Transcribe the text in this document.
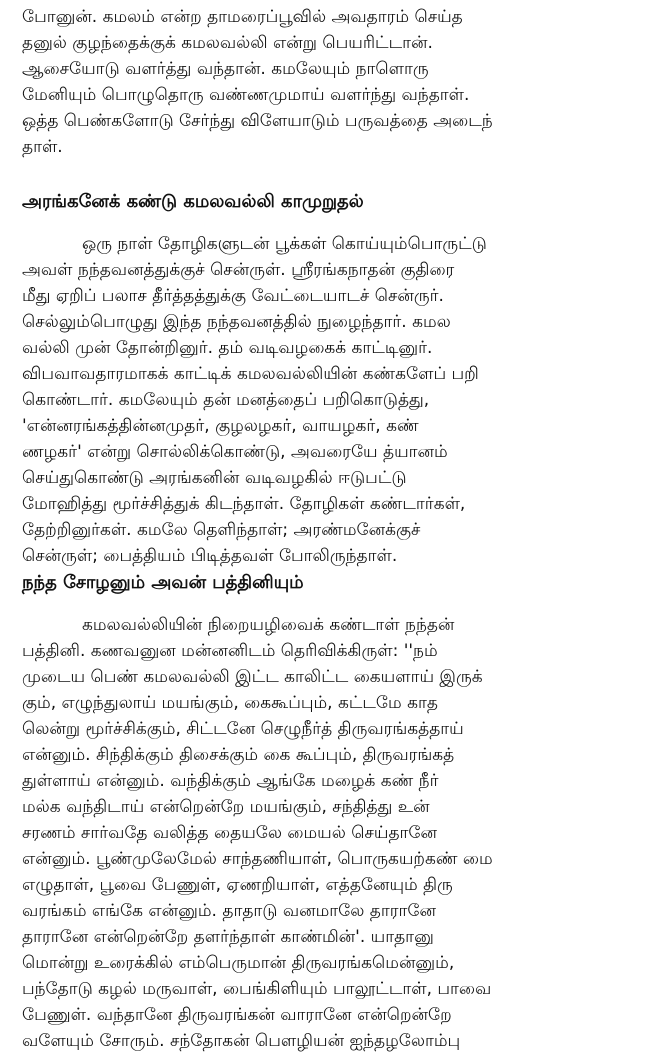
போனுன். கமலம் என்ற தாமரைப்பூவில் அவதாரம் செய்த
தனுல் குழந்தைக்குக் கமலவல்லி என்று பெயரிட்டான்.
ஆசையோடு வளர்த்து வந்தான். கமலேயும் நாளொரு
மேனியும் பொழுதொரு வண்ணமுமாய் வளர்ந்து வந்தாள்.
ஒத்த பெண்களோடு சேர்ந்து விளேயாடும் பருவத்தை அடைந்
தாள்.
அரங்கனேக் கண்டு கமலவல்லி காமுறுதல்
ஒரு நாள் தோழிகளுடன் பூக்கள் கொய்யும்பொருட்டு
அவள் நந்தவனத்துக்குச் சென்ருள். ஸ்ரீரங்கநாதன் குதிரை
மீது ஏறிப் பலாச தீர்த்தத்துக்கு வேட்டையாடச் சென்ருர்.
செல்லும்பொழுது இந்த நந்தவனத்தில் நுழைந்தார். கமல
வல்லி முன் தோன்றினுர். தம் வடிவழகைக் காட்டினுர்.
விபவாவதாரமாகக் காட்டிக் கமலவல்லியின் கண்களேப் பறி
கொண்டார். கமலேயும் தன் மனத்தைப் பறிகொடுத்து,
'என்னரங்கத்தின்னமுதர், குழலழகர், வாயழகர், கண்
ணழகர்' என்று சொல்லிக்கொண்டு, அவரையே த்யானம்
செய்துகொண்டு அரங்கனின் வடிவழகில் ஈடுபட்டு
மோஹித்து மூர்ச்சித்துக் கிடந்தாள். தோழிகள் கண்டார்கள்,
தேற்றினுர்கள். கமலே தெளிந்தாள்; அரண்மனேக்குச்
சென்ருள்; பைத்தியம் பிடித்தவள் போலிருந்தாள்.
நந்த சோழனும் அவன் பத்தினியும்
கமலவல்லியின் நிறையழிவைக் கண்டாள் நந்தன்
பத்தினி. கணவனுன மன்னனிடம் தெரிவிக்கிருள்: ''நம்
முடைய பெண் கமலவல்லி இட்ட காலிட்ட கையளாய் இருக்
கும், எழுந்துலாய் மயங்கும், கைகூப்பும், கட்டமே காத
லென்று மூர்ச்சிக்கும், சிட்டனே செழுநீர்த் திருவரங்கத்தாய்
என்னும். சிந்திக்கும் திசைக்கும் கை கூப்பும், திருவரங்கத்
துள்ளாய் என்னும். வந்திக்கும் ஆங்கே மழைக் கண் நீர்
மல்க வந்திடாய் என்றென்றே மயங்கும், சந்தித்து உன்
சரணம் சார்வதே வலித்த தையலே மையல் செய்தானே
என்னும். பூண்முலேமேல் சாந்தணியாள், பொருகயற்கண் மை
எழுதாள், பூவை பேணுள், ஏணறியாள், எத்தனேயும் திரு
வரங்கம் எங்கே என்னும். தாதாடு வனமாலே தாரானே
தாரானே என்றென்றே தளர்ந்தாள் காண்மின்'. யாதானு
மொன்று உரைக்கில் எம்பெருமான் திருவரங்கமென்னும்,
பந்தோடு கழல் மருவாள், பைங்கிளியும் பாலூட்டாள், பாவை
பேணுள். வந்தானே திருவரங்கன் வாரானே என்றென்றே
வளேயும் சோரும். சந்தோகன் பௌழியன் ஐந்தழலோம்பு
